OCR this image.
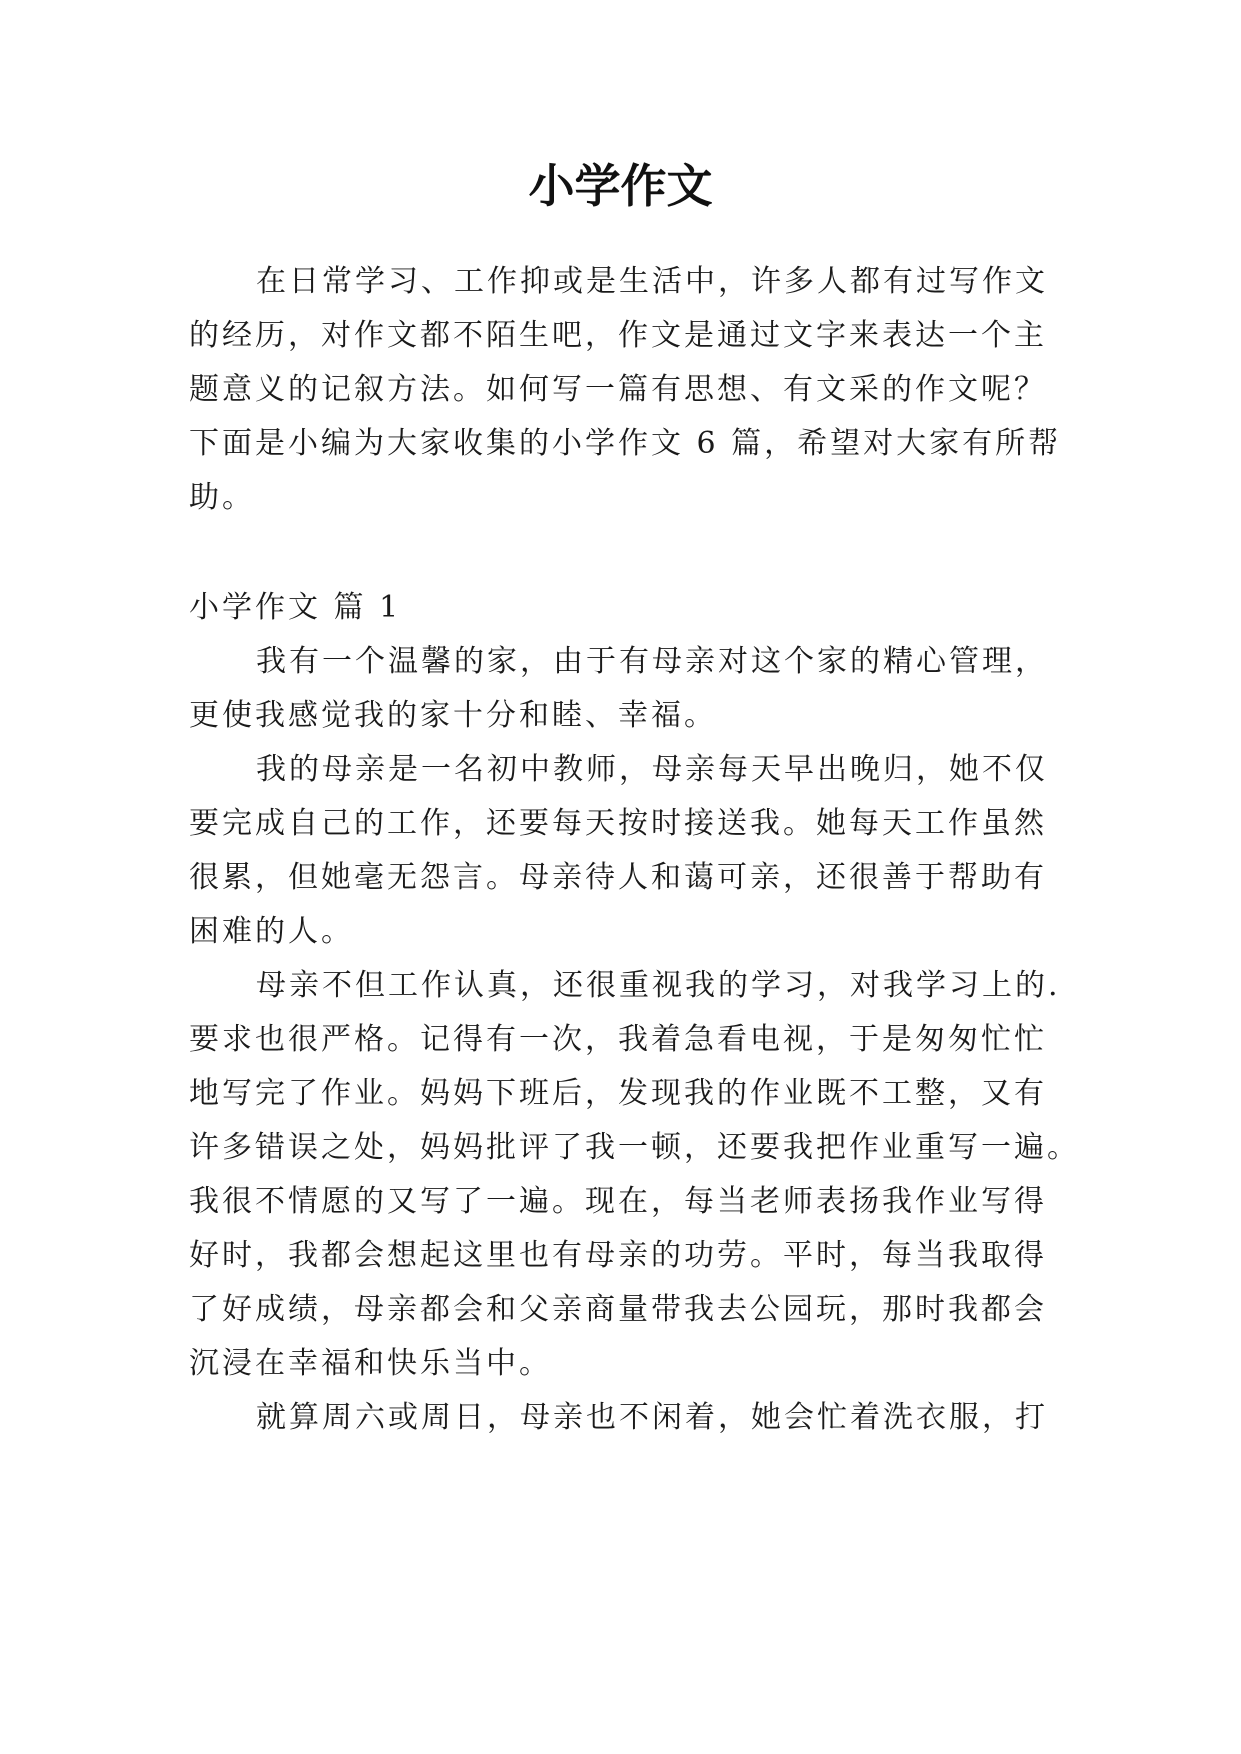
小学作文
在日常学习、工作抑或是生活中，许多人都有过写作文
的经历，对作文都不陌生吧，作文是通过文字来表达一个主
题意义的记叙方法。如何写一篇有思想、有文采的作文呢？
下面是小编为大家收集的小学作文 6 篇，希望对大家有所帮
助。
小学作文 篇 1
我有一个温馨的家，由于有母亲对这个家的精心管理，
更使我感觉我的家十分和睦、幸福。
我的母亲是一名初中教师，母亲每天早出晚归，她不仅
要完成自己的工作，还要每天按时接送我。她每天工作虽然
很累，但她毫无怨言。母亲待人和蔼可亲，还很善于帮助有
困难的人。
母亲不但工作认真，还很重视我的学习，对我学习上的.
要求也很严格。记得有一次，我着急看电视，于是匆匆忙忙
地写完了作业。妈妈下班后，发现我的作业既不工整，又有
许多错误之处，妈妈批评了我一顿，还要我把作业重写一遍。
我很不情愿的又写了一遍。现在，每当老师表扬我作业写得
好时，我都会想起这里也有母亲的功劳。平时，每当我取得
了好成绩，母亲都会和父亲商量带我去公园玩，那时我都会
沉浸在幸福和快乐当中。
就算周六或周日，母亲也不闲着，她会忙着洗衣服，打
